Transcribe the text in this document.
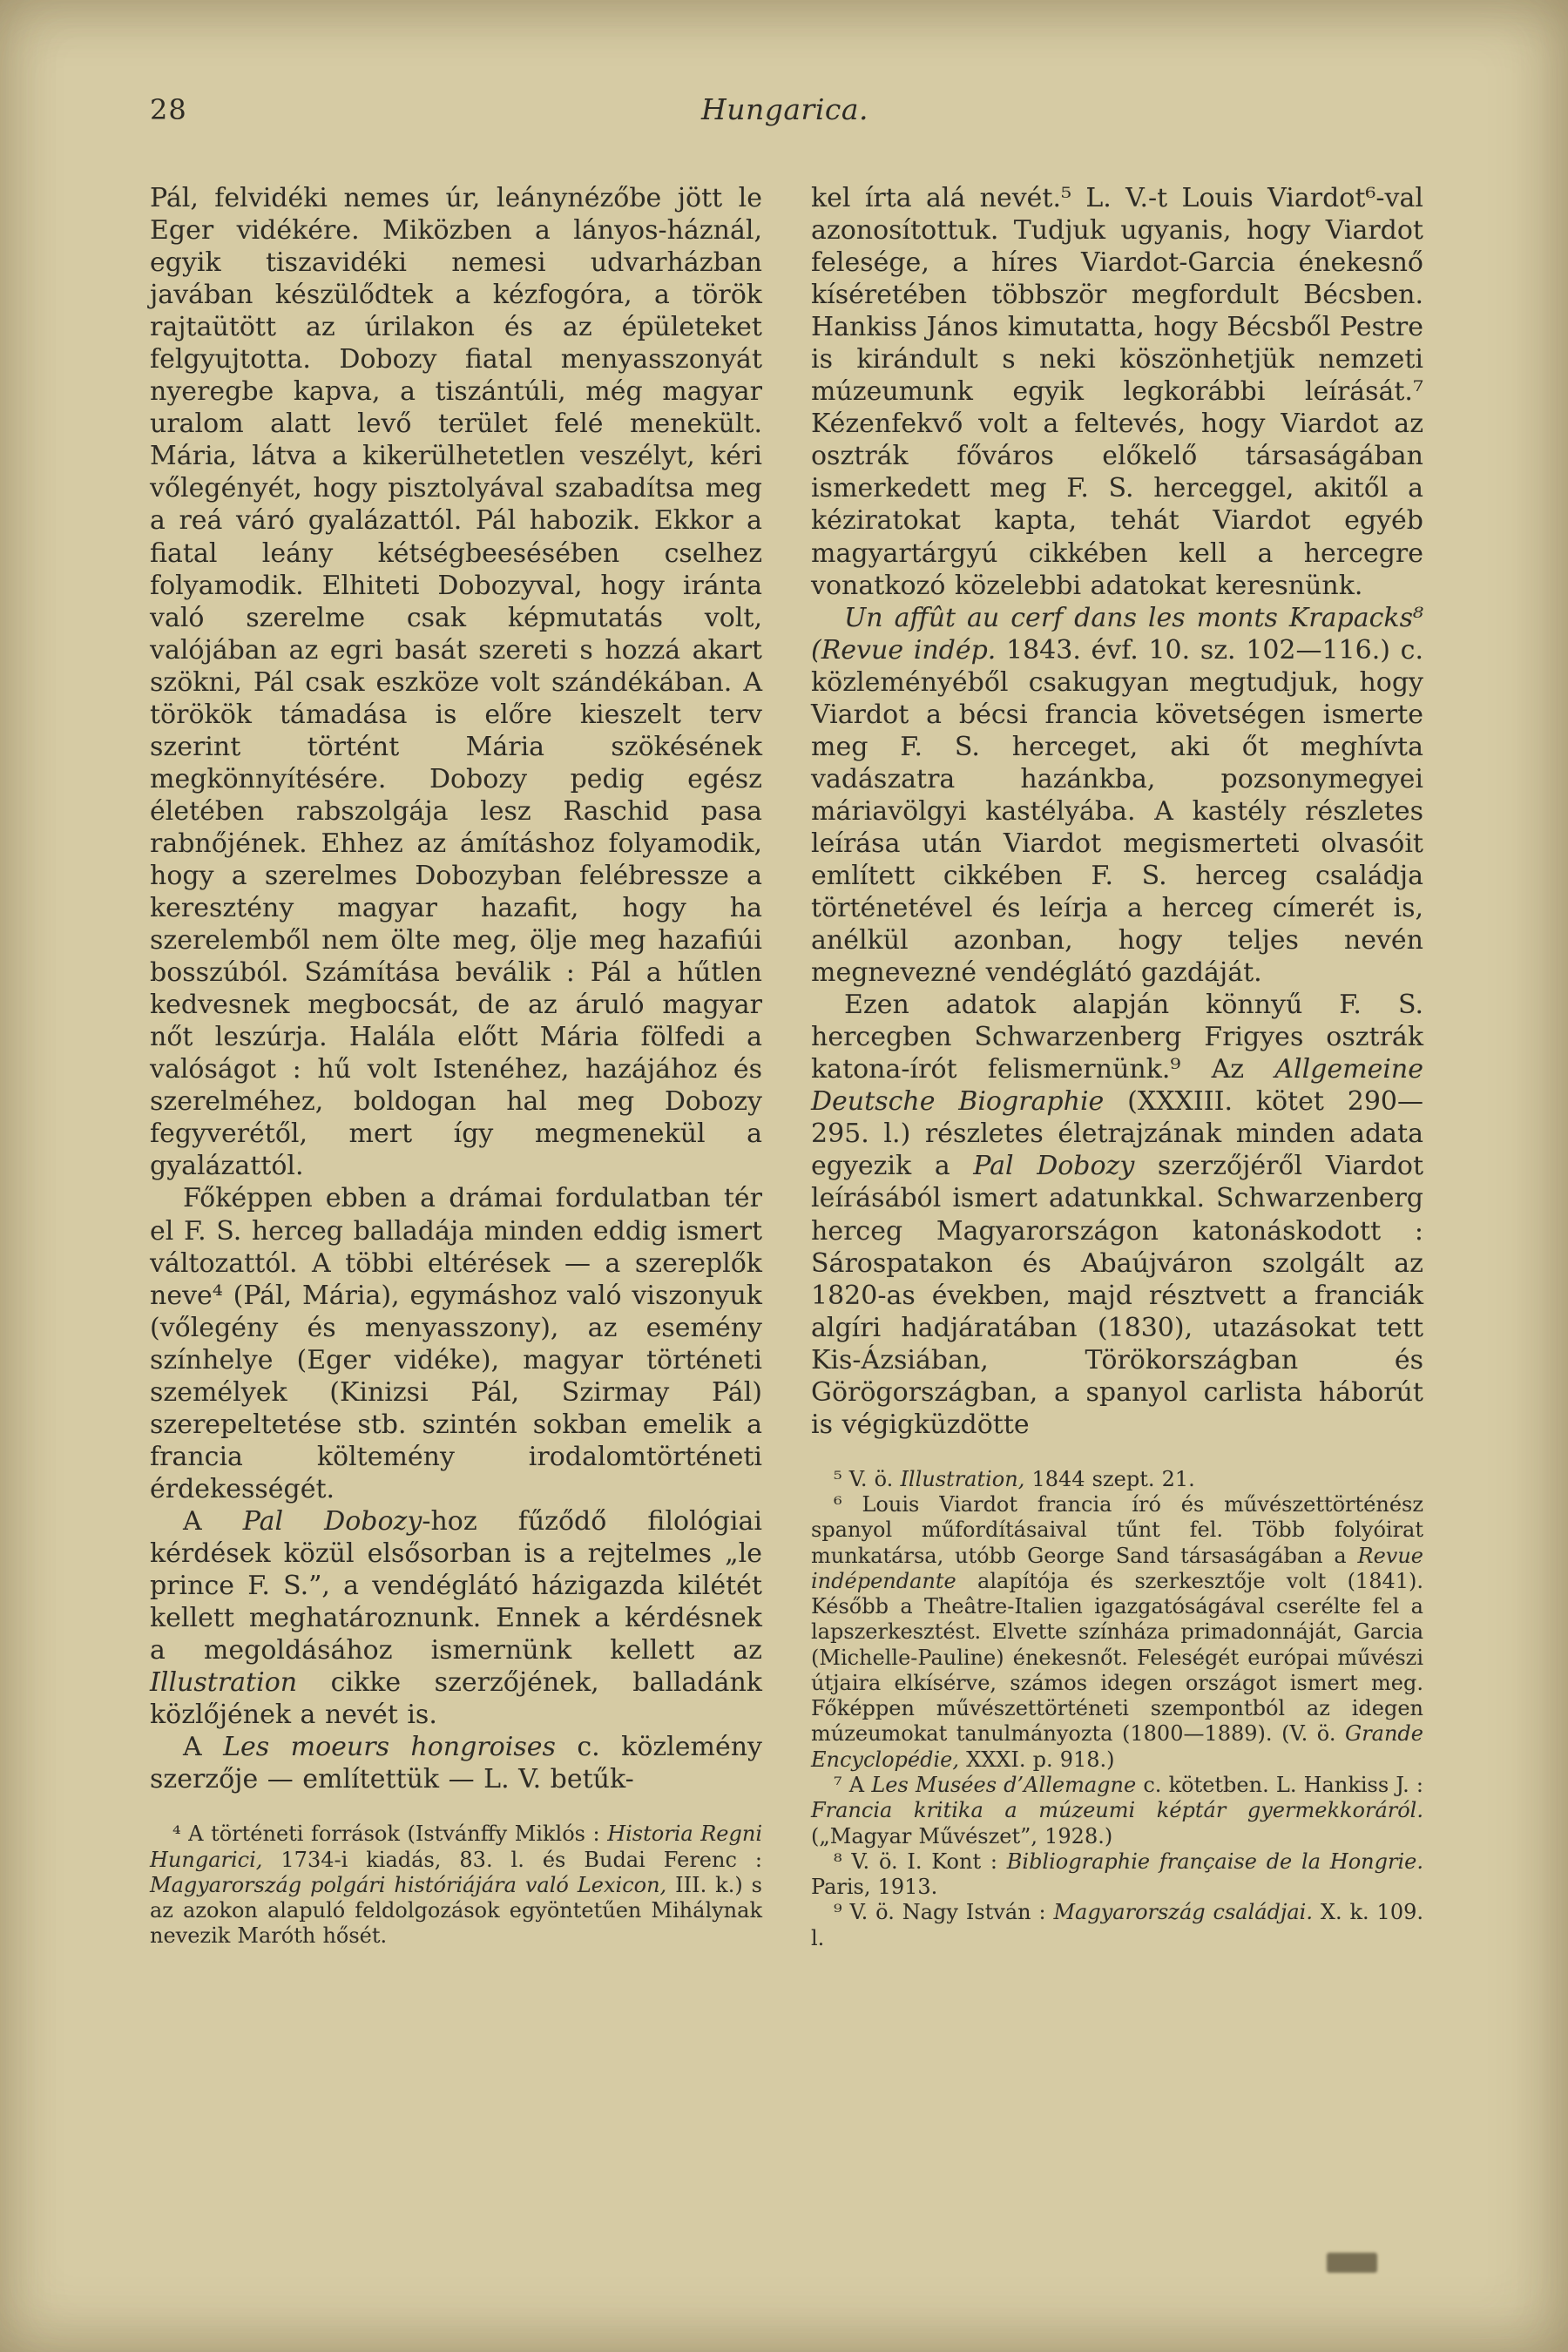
28	Hungarica.

Pál, felvidéki nemes úr, leánynézőbe jött le Eger vidékére. Miközben a lányos-háznál, egyik tiszavidéki nemesi udvarházban javában készülődtek a kézfogóra, a török rajtaütött az úrilakon és az épületeket felgyujtotta. Dobozy fiatal menyasszonyát nyeregbe kapva, a tiszántúli, még magyar uralom alatt levő terület felé menekült. Mária, látva a kikerülhetetlen veszélyt, kéri vőlegényét, hogy pisztolyával szabadítsa meg a reá váró gyalázattól. Pál habozik. Ekkor a fiatal leány kétségbeesésében cselhez folyamodik. Elhiteti Dobozyval, hogy iránta való szerelme csak képmutatás volt, valójában az egri basát szereti s hozzá akart szökni, Pál csak eszköze volt szándékában. A törökök támadása is előre kieszelt terv szerint történt Mária szökésének megkönnyítésére. Dobozy pedig egész életében rabszolgája lesz Raschid pasa rabnőjének. Ehhez az ámításhoz folyamodik, hogy a szerelmes Dobozyban felébressze a keresztény magyar hazafit, hogy ha szerelemből nem ölte meg, ölje meg hazafiúi bosszúból. Számítása beválik : Pál a hűtlen kedvesnek megbocsát, de az áruló magyar nőt leszúrja. Halála előtt Mária fölfedi a valóságot : hű volt Istenéhez, hazájához és szerelméhez, boldogan hal meg Dobozy fegyverétől, mert így megmenekül a gyalázattól.

Főképpen ebben a drámai fordulatban tér el F. S. herceg balladája minden eddig ismert változattól. A többi eltérések — a szereplők neve⁴ (Pál, Mária), egymáshoz való viszonyuk (vőlegény és menyasszony), az esemény színhelye (Eger vidéke), magyar történeti személyek (Kinizsi Pál, Szirmay Pál) szerepeltetése stb. szintén sokban emelik a francia költemény irodalomtörténeti érdekességét.

A Pal Dobozy-hoz fűződő filológiai kérdések közül elsősorban is a rejtelmes „le prince F. S.”, a vendéglátó házigazda kilétét kellett meghatároznunk. Ennek a kérdésnek a megoldásához ismernünk kellett az Illustration cikke szerzőjének, balladánk közlőjének a nevét is.

A Les moeurs hongroises c. közlemény szerzője — említettük — L. V. betűk-

⁴ A történeti források (Istvánffy Miklós : Historia Regni Hungarici, 1734-i kiadás, 83. l. és Budai Ferenc : Magyarország polgári históriájára való Lexicon, III. k.) s az azokon alapuló feldolgozások egyöntetűen Mihálynak nevezik Maróth hősét.

kel írta alá nevét.⁵ L. V.-t Louis Viardot⁶-val azonosítottuk. Tudjuk ugyanis, hogy Viardot felesége, a híres Viardot-Garcia énekesnő kíséretében többször megfordult Bécsben. Hankiss János kimutatta, hogy Bécsből Pestre is kirándult s neki köszönhetjük nemzeti múzeumunk egyik legkorábbi leírását.⁷ Kézenfekvő volt a feltevés, hogy Viardot az osztrák főváros előkelő társaságában ismerkedett meg F. S. herceggel, akitől a kéziratokat kapta, tehát Viardot egyéb magyartárgyú cikkében kell a hercegre vonatkozó közelebbi adatokat keresnünk.

Un affût au cerf dans les monts Krapacks⁸ (Revue indép. 1843. évf. 10. sz. 102—116.) c. közleményéből csakugyan megtudjuk, hogy Viardot a bécsi francia követségen ismerte meg F. S. herceget, aki őt meghívta vadászatra hazánkba, pozsonymegyei máriavölgyi kastélyába. A kastély részletes leírása után Viardot megismerteti olvasóit említett cikkében F. S. herceg családja történetével és leírja a herceg címerét is, anélkül azonban, hogy teljes nevén megnevezné vendéglátó gazdáját.

Ezen adatok alapján könnyű F. S. hercegben Schwarzenberg Frigyes osztrák katona-írót felismernünk.⁹ Az Allgemeine Deutsche Biographie (XXXIII. kötet 290—295. l.) részletes életrajzának minden adata egyezik a Pal Dobozy szerzőjéről Viardot leírásából ismert adatunkkal. Schwarzenberg herceg Magyarországon katonáskodott : Sárospatakon és Abaújváron szolgált az 1820-as években, majd résztvett a franciák algíri hadjáratában (1830), utazásokat tett Kis-Ázsiában, Törökországban és Görögországban, a spanyol carlista háborút is végigküzdötte

⁵ V. ö. Illustration, 1844 szept. 21.

⁶ Louis Viardot francia író és művészettörténész spanyol műfordításaival tűnt fel. Több folyóirat munkatársa, utóbb George Sand társaságában a Revue indépendante alapítója és szerkesztője volt (1841). Később a Theâtre-Italien igazgatóságával cserélte fel a lapszerkesztést. Elvette színháza primadonnáját, Garcia (Michelle-Pauline) énekesnőt. Feleségét európai művészi útjaira elkísérve, számos idegen országot ismert meg. Főképpen művészettörténeti szempontból az idegen múzeumokat tanulmányozta (1800—1889). (V. ö. Grande Encyclopédie, XXXI. p. 918.)

⁷ A Les Musées d’Allemagne c. kötetben. L. Hankiss J. : Francia kritika a múzeumi képtár gyermekkoráról. („Magyar Művészet”, 1928.)

⁸ V. ö. I. Kont : Bibliographie française de la Hongrie. Paris, 1913.

⁹ V. ö. Nagy István : Magyarország családjai. X. k. 109. l.
